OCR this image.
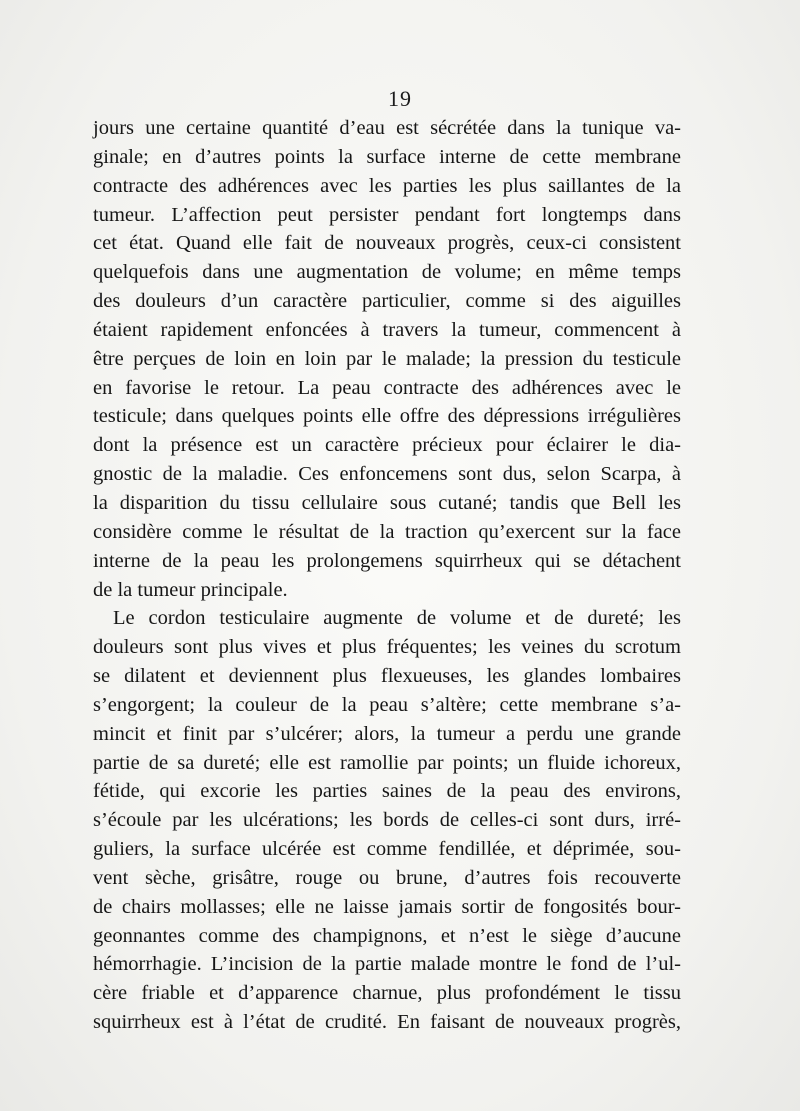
19
jours une certaine quantité d’eau est sécrétée dans la tunique va-
ginale; en d’autres points la surface interne de cette membrane
contracte des adhérences avec les parties les plus saillantes de la
tumeur. L’affection peut persister pendant fort longtemps dans
cet état. Quand elle fait de nouveaux progrès, ceux-ci consistent
quelquefois dans une augmentation de volume; en même temps
des douleurs d’un caractère particulier, comme si des aiguilles
étaient rapidement enfoncées à travers la tumeur, commencent à
être perçues de loin en loin par le malade; la pression du testicule
en favorise le retour. La peau contracte des adhérences avec le
testicule; dans quelques points elle offre des dépressions irrégulières
dont la présence est un caractère précieux pour éclairer le dia-
gnostic de la maladie. Ces enfoncemens sont dus, selon Scarpa, à
la disparition du tissu cellulaire sous cutané; tandis que Bell les
considère comme le résultat de la traction qu’exercent sur la face
interne de la peau les prolongemens squirrheux qui se détachent
de la tumeur principale.
Le cordon testiculaire augmente de volume et de dureté; les
douleurs sont plus vives et plus fréquentes; les veines du scrotum
se dilatent et deviennent plus flexueuses, les glandes lombaires
s’engorgent; la couleur de la peau s’altère; cette membrane s’a-
mincit et finit par s’ulcérer; alors, la tumeur a perdu une grande
partie de sa dureté; elle est ramollie par points; un fluide ichoreux,
fétide, qui excorie les parties saines de la peau des environs,
s’écoule par les ulcérations; les bords de celles-ci sont durs, irré-
guliers, la surface ulcérée est comme fendillée, et déprimée, sou-
vent sèche, grisâtre, rouge ou brune, d’autres fois recouverte
de chairs mollasses; elle ne laisse jamais sortir de fongosités bour-
geonnantes comme des champignons, et n’est le siège d’aucune
hémorrhagie. L’incision de la partie malade montre le fond de l’ul-
cère friable et d’apparence charnue, plus profondément le tissu
squirrheux est à l’état de crudité. En faisant de nouveaux progrès,
